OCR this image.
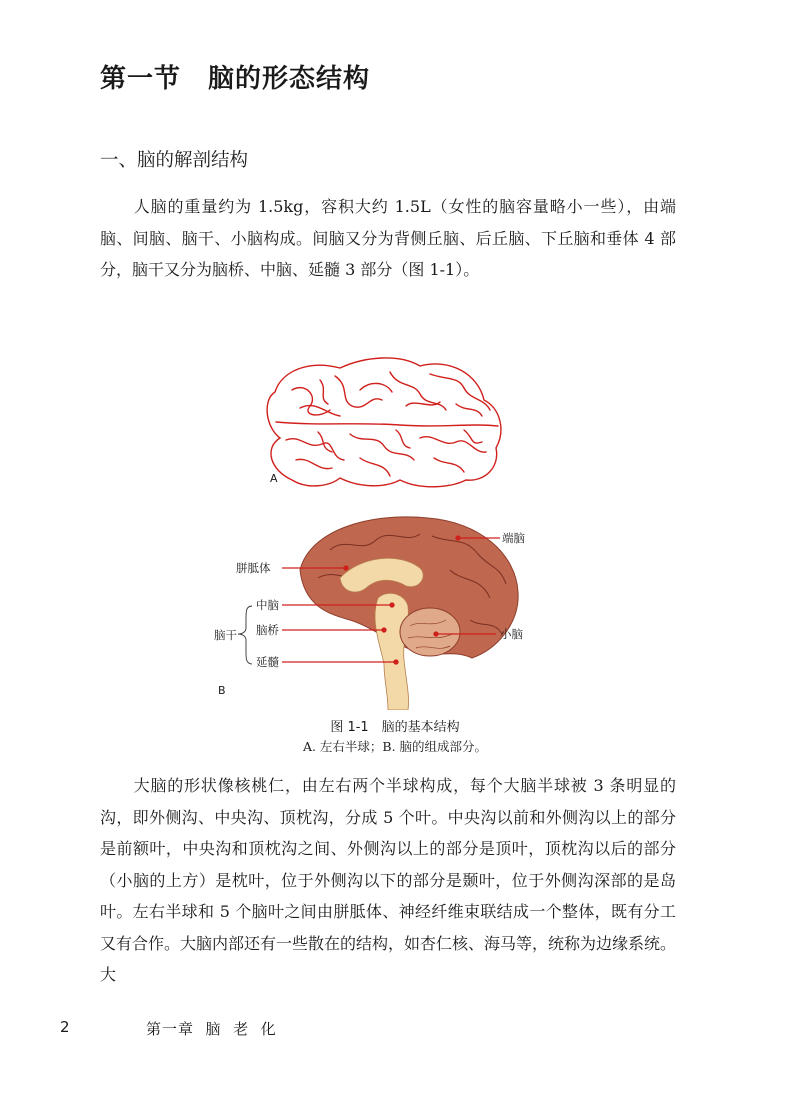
第一节　脑的形态结构
一、脑的解剖结构

　　人脑的重量约为 1.5kg，容积大约 1.5L（女性的脑容量略小一些），由端脑、间脑、脑干、小脑构成。间脑又分为背侧丘脑、后丘脑、下丘脑和垂体 4 部分，脑干又分为脑桥、中脑、延髓 3 部分（图 1-1）。

A
B
端脑
胼胝体
中脑
脑干 脑桥
延髓
小脑

图 1-1　脑的基本结构

A. 左右半球；B. 脑的组成部分。

　　大脑的形状像核桃仁，由左右两个半球构成，每个大脑半球被 3 条明显的沟，即外侧沟、中央沟、顶枕沟，分成 5 个叶。中央沟以前和外侧沟以上的部分是前额叶，中央沟和顶枕沟之间、外侧沟以上的部分是顶叶，顶枕沟以后的部分（小脑的上方）是枕叶，位于外侧沟以下的部分是颞叶，位于外侧沟深部的是岛叶。左右半球和 5 个脑叶之间由胼胝体、神经纤维束联结成一个整体，既有分工又有合作。大脑内部还有一些散在的结构，如杏仁核、海马等，统称为边缘系统。大

2	第一章  脑  老  化
